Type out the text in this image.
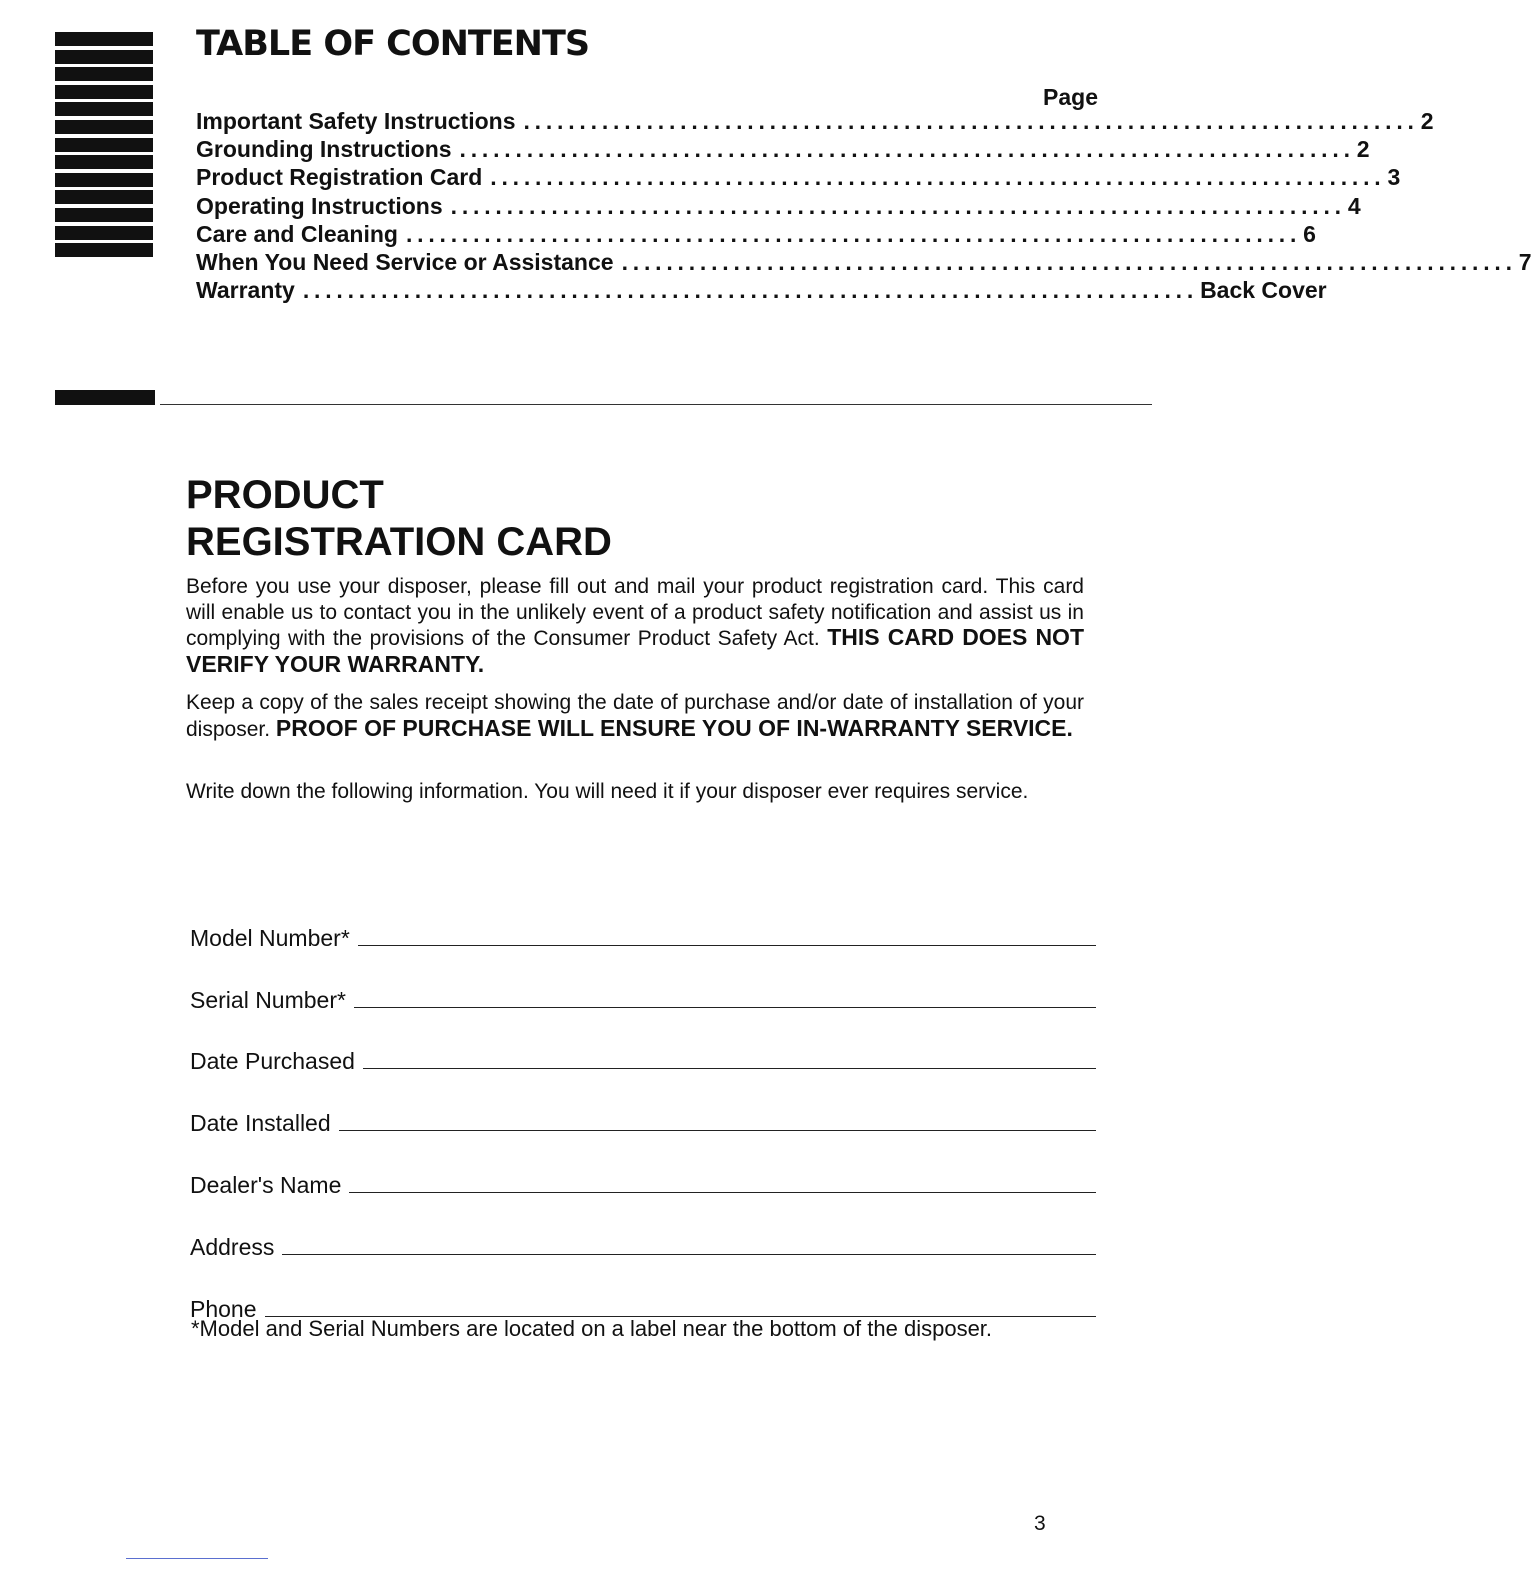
TABLE OF CONTENTS
Page
Important Safety Instructions ................................................................................ 2
Grounding Instructions ................................................................................ 2
Product Registration Card ................................................................................ 3
Operating Instructions ................................................................................ 4
Care and Cleaning ................................................................................ 6
When You Need Service or Assistance ................................................................................ 7
Warranty ................................................................................ Back Cover
PRODUCT
REGISTRATION CARD

Before you use your disposer, please fill out and mail your product registration card. This card will enable us to contact you in the unlikely event of a product safety notification and assist us in complying with the provisions of the Consumer Product Safety Act. THIS CARD DOES NOT VERIFY YOUR WARRANTY.

Keep a copy of the sales receipt showing the date of purchase and/or date of installation of your disposer. PROOF OF PURCHASE WILL ENSURE YOU OF IN-WARRANTY SERVICE.

Write down the following information. You will need it if your disposer ever requires service.

Model Number*
Serial Number*
Date Purchased
Date Installed
Dealer's Name
Address
Phone

*Model and Serial Numbers are located on a label near the bottom of the disposer.

3
